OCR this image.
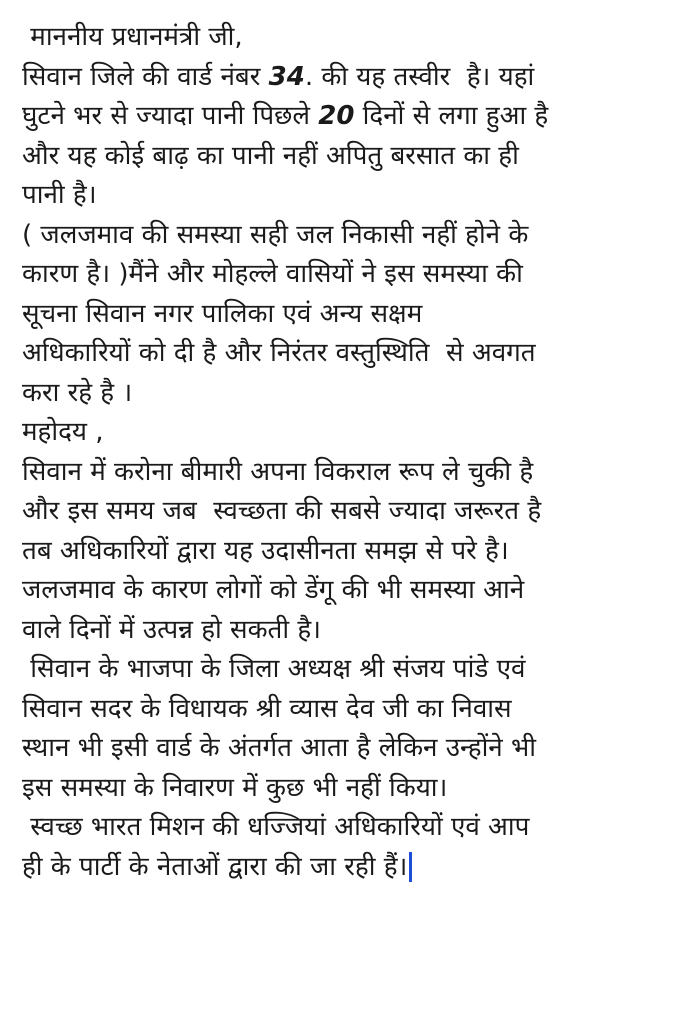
माननीय प्रधानमंत्री जी,
सिवान जिले की वार्ड नंबर 34. की यह तस्वीर  है। यहां
घुटने भर से ज्यादा पानी पिछले 20 दिनों से लगा हुआ है
और यह कोई बाढ़ का पानी नहीं अपितु बरसात का ही
पानी है।
( जलजमाव की समस्या सही जल निकासी नहीं होने के
कारण है। )मैंने और मोहल्ले वासियों ने इस समस्या की
सूचना सिवान नगर पालिका एवं अन्य सक्षम
अधिकारियों को दी है और निरंतर वस्तुस्थिति  से अवगत
करा रहे है ।
महोदय ,
सिवान में करोना बीमारी अपना विकराल रूप ले चुकी है
और इस समय जब  स्वच्छता की सबसे ज्यादा जरूरत है
तब अधिकारियों द्वारा यह उदासीनता समझ से परे है।
जलजमाव के कारण लोगों को डेंगू की भी समस्या आने
वाले दिनों में उत्पन्न हो सकती है।
सिवान के भाजपा के जिला अध्यक्ष श्री संजय पांडे एवं
सिवान सदर के विधायक श्री व्यास देव जी का निवास
स्थान भी इसी वार्ड के अंतर्गत आता है लेकिन उन्होंने भी
इस समस्या के निवारण में कुछ भी नहीं किया।
स्वच्छ भारत मिशन की धज्जियां अधिकारियों एवं आप
ही के पार्टी के नेताओं द्वारा की जा रही हैं।
